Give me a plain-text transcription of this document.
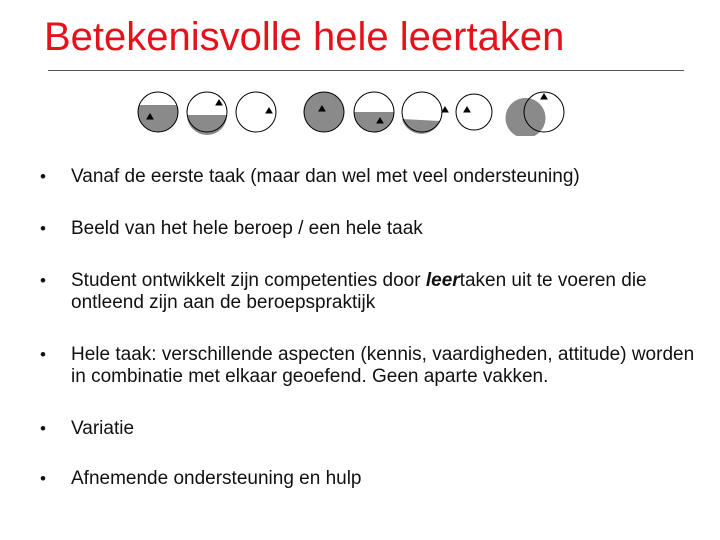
Betekenisvolle hele leertaken
• Vanaf de eerste taak (maar dan wel met veel ondersteuning)
• Beeld van het hele beroep / een hele taak
• Student ontwikkelt zijn competenties door leertaken uit te voeren die ontleend zijn aan de beroepspraktijk
• Hele taak: verschillende aspecten (kennis, vaardigheden, attitude) worden in combinatie met elkaar geoefend. Geen aparte vakken.
• Variatie
• Afnemende ondersteuning en hulp
